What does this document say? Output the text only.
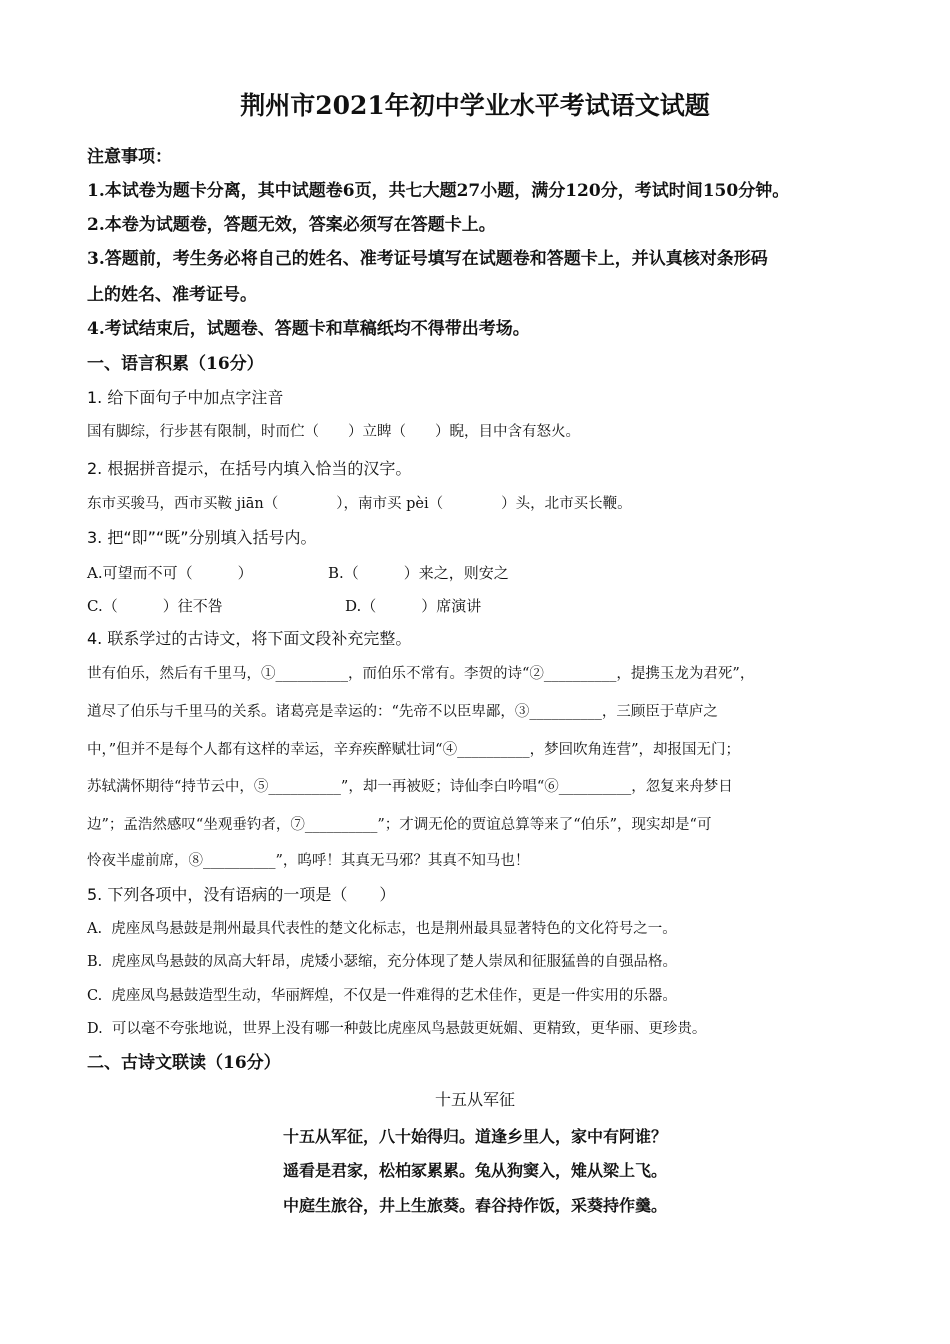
荆州市2021年初中学业水平考试语文试题
注意事项：
1.本试卷为题卡分离，其中试题卷6页，共七大题27小题，满分120分，考试时间150分钟。
2.本卷为试题卷，答题无效，答案必须写在答题卡上。
3.答题前，考生务必将自己的姓名、准考证号填写在试题卷和答题卡上，并认真核对条形码
上的姓名、准考证号。
4.考试结束后，试题卷、答题卡和草稿纸均不得带出考场。
一、语言积累（16分）
1. 给下面句子中加点字注音
国有脚综，行步甚有限制，时而伫（　　）立睥（　　）睨，目中含有怒火。
2. 根据拼音提示，在括号内填入恰当的汉字。
东市买骏马，西市买鞍 jiān（　　　　），南市买 pèi（　　　　）头，北市买长鞭。
3. 把“即”“既”分别填入括号内。
A.可望而不可（　　　）	B.（　　　）来之，则安之
C.（　　　）往不咎	D.（　　　）席演讲
4. 联系学过的古诗文，将下面文段补充完整。
世有伯乐，然后有千里马，①__________，而伯乐不常有。李贺的诗“②__________，提携玉龙为君死”，
道尽了伯乐与千里马的关系。诸葛亮是幸运的：“先帝不以臣卑鄙，③__________，三顾臣于草庐之
中，”但并不是每个人都有这样的幸运，辛弃疾醉赋壮词“④__________，梦回吹角连营”，却报国无门；
苏轼满怀期待“持节云中，⑤__________”，却一再被贬；诗仙李白吟唱“⑥__________，忽复来舟梦日
边”；孟浩然感叹“坐观垂钓者，⑦__________”；才调无伦的贾谊总算等来了“伯乐”，现实却是“可
怜夜半虚前席，⑧__________”，呜呼！其真无马邪？其真不知马也！
5. 下列各项中，没有语病的一项是（　　）
A.  虎座凤鸟悬鼓是荆州最具代表性的楚文化标志，也是荆州最具显著特色的文化符号之一。
B.  虎座凤鸟悬鼓的凤高大轩昂，虎矮小瑟缩，充分体现了楚人崇凤和征服猛兽的自强品格。
C.  虎座凤鸟悬鼓造型生动，华丽辉煌，不仅是一件难得的艺术佳作，更是一件实用的乐器。
D.  可以毫不夸张地说，世界上没有哪一种鼓比虎座凤鸟悬鼓更妩媚、更精致，更华丽、更珍贵。
二、古诗文联读（16分）
十五从军征
十五从军征，八十始得归。道逢乡里人，家中有阿谁？
遥看是君家，松柏冢累累。兔从狗窦入，雉从梁上飞。
中庭生旅谷，井上生旅葵。舂谷持作饭，采葵持作羹。
